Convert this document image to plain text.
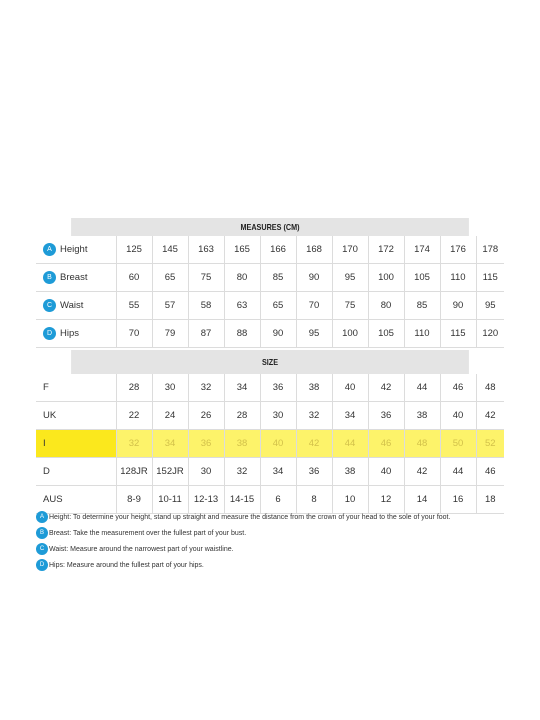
MEASURES (CM)
A Height	125	145	163	165	166	168	170	172	174	176	178
B Breast	60	65	75	80	85	90	95	100	105	110	115
C Waist	55	57	58	63	65	70	75	80	85	90	95
D Hips	70	79	87	88	90	95	100	105	110	115	120
SIZE
F	28	30	32	34	36	38	40	42	44	46	48
UK	22	24	26	28	30	32	34	36	38	40	42
I	32	34	36	38	40	42	44	46	48	50	52
D	128JR	152JR	30	32	34	36	38	40	42	44	46
AUS	8-9	10-11	12-13	14-15	6	8	10	12	14	16	18
A Height: To determine your height, stand up straight and measure the distance from the crown of your head to the sole of your foot.
B Breast: Take the measurement over the fullest part of your bust.
C Waist: Measure around the narrowest part of your waistline.
D Hips: Measure around the fullest part of your hips.
